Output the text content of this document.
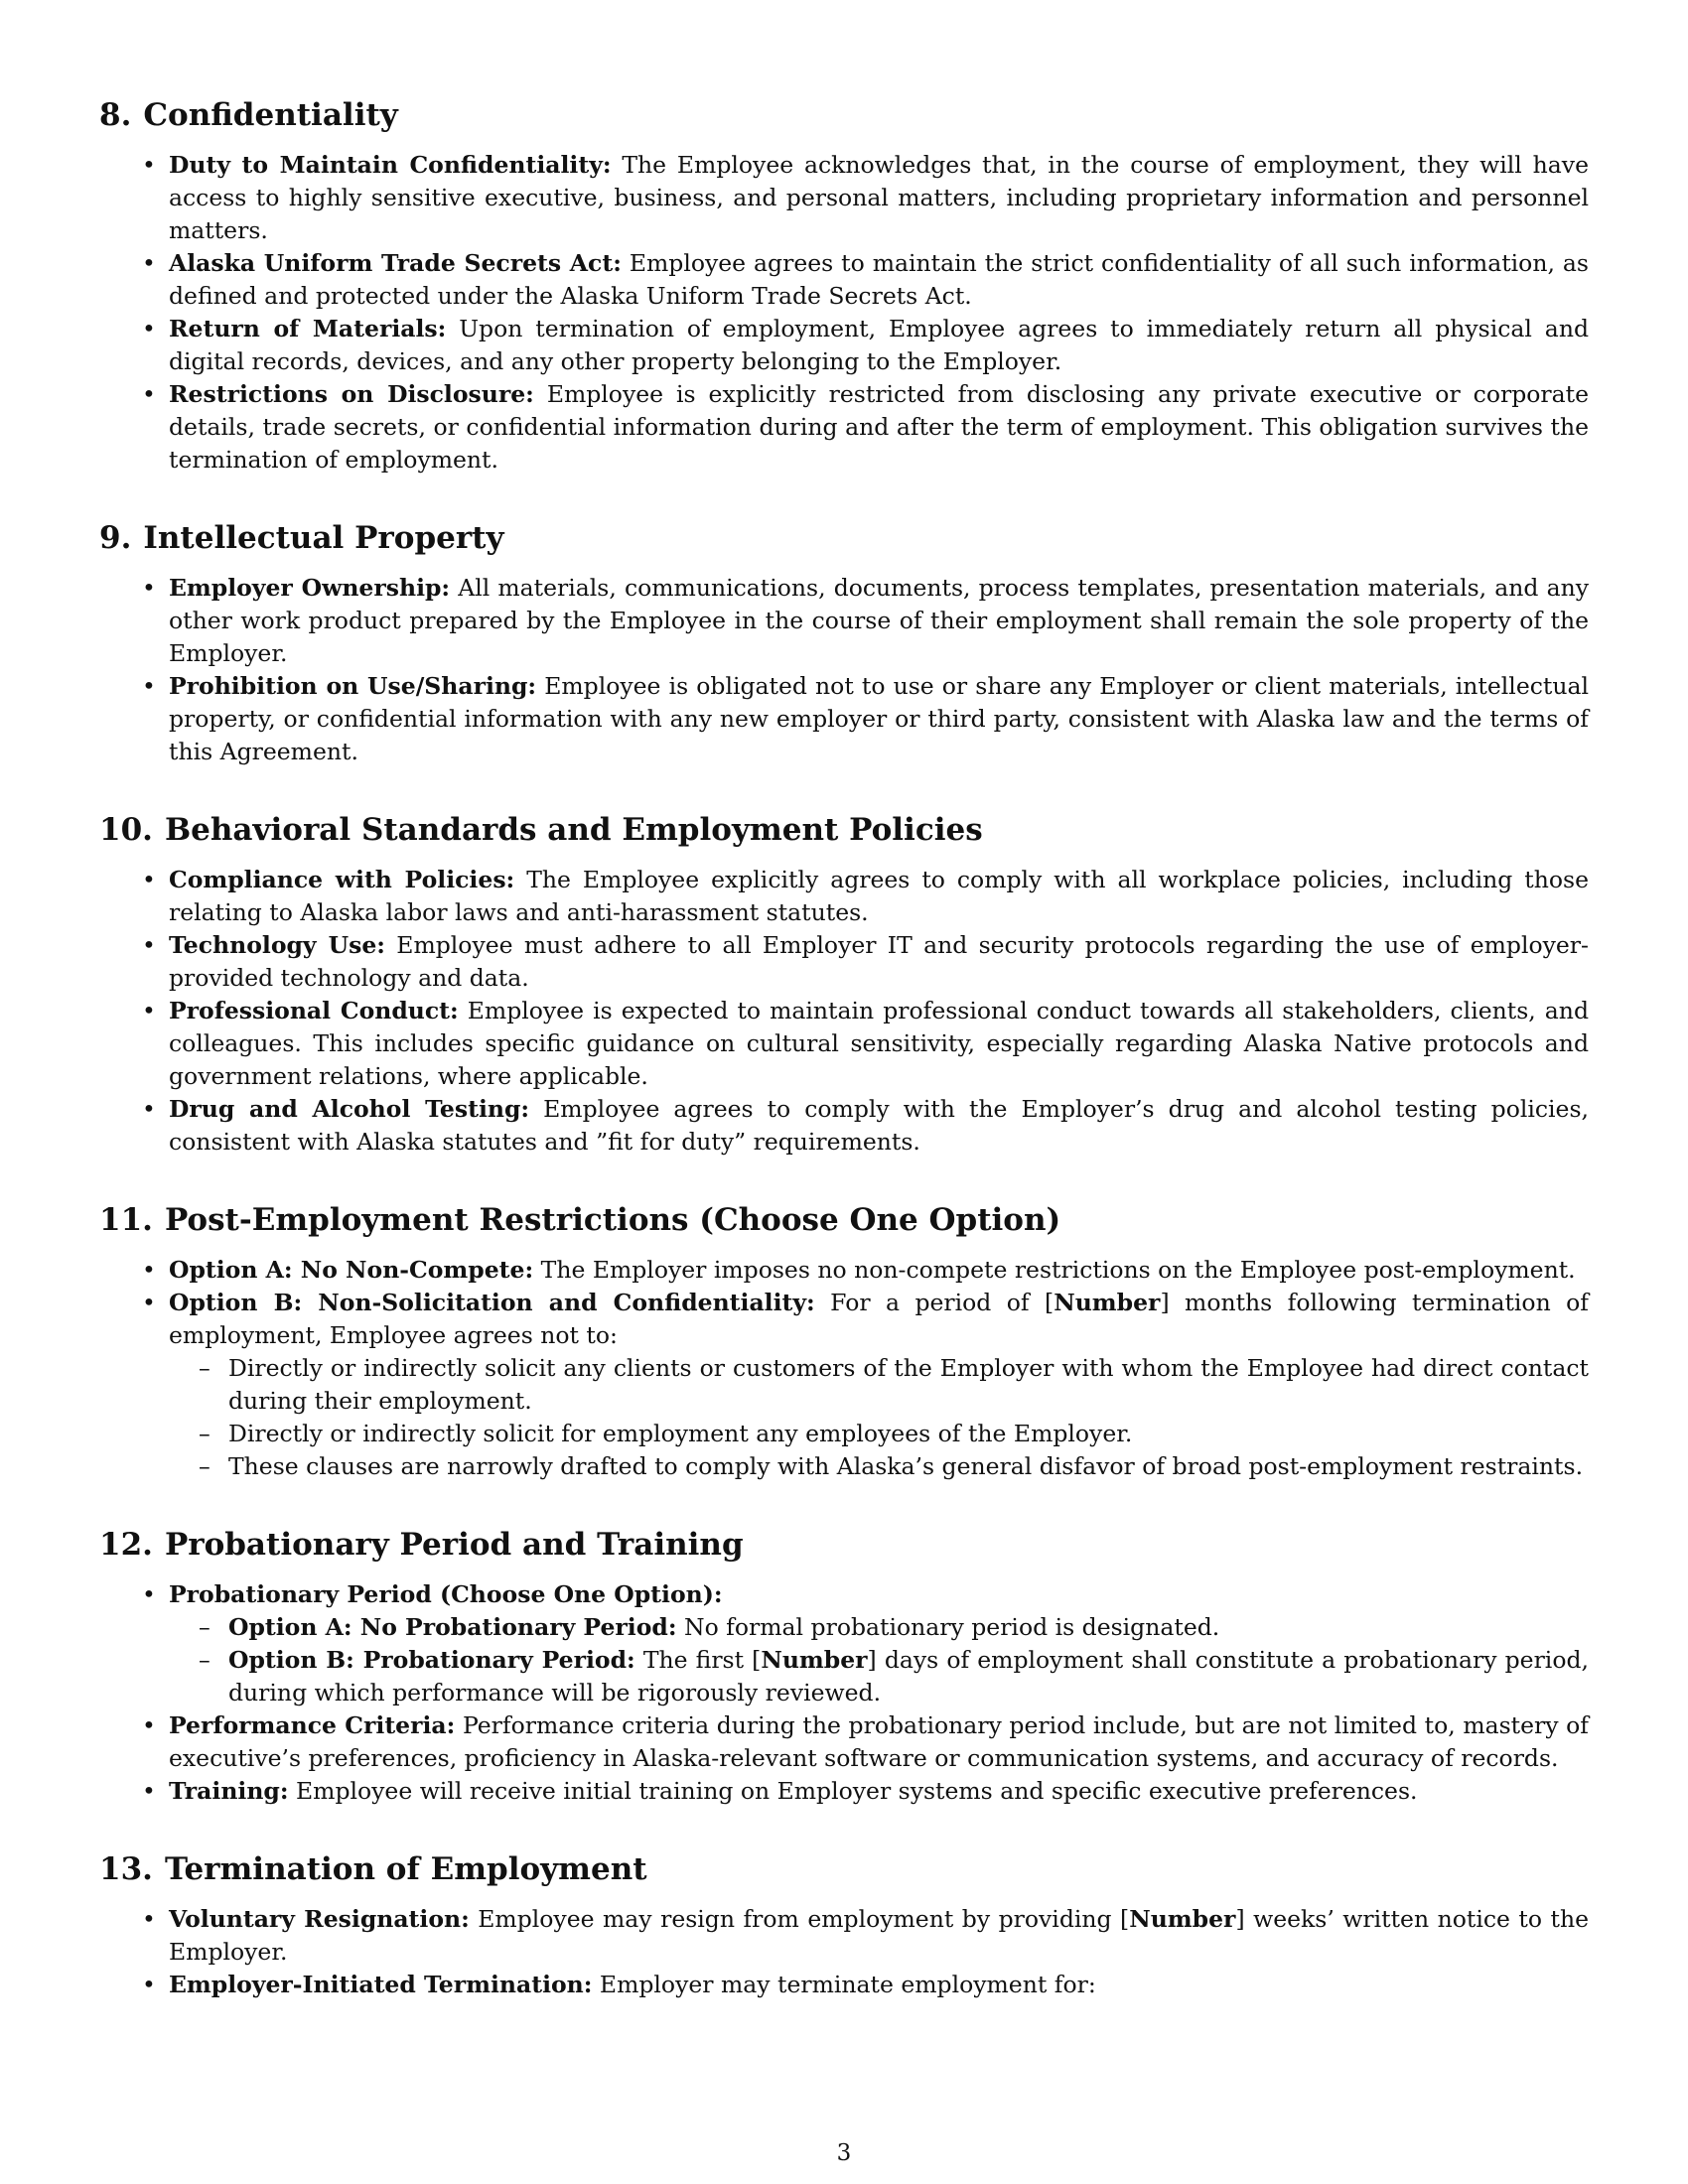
8. Confidentiality
• Duty to Maintain Confidentiality: The Employee acknowledges that, in the course of employment, they will have access to highly sensitive executive, business, and personal matters, including proprietary information and personnel matters.
• Alaska Uniform Trade Secrets Act: Employee agrees to maintain the strict confidentiality of all such information, as defined and protected under the Alaska Uniform Trade Secrets Act.
• Return of Materials: Upon termination of employment, Employee agrees to immediately return all physical and digital records, devices, and any other property belonging to the Employer.
• Restrictions on Disclosure: Employee is explicitly restricted from disclosing any private executive or corporate details, trade secrets, or confidential information during and after the term of employment. This obligation survives the termination of employment.
9. Intellectual Property
• Employer Ownership: All materials, communications, documents, process templates, presentation materials, and any other work product prepared by the Employee in the course of their employment shall remain the sole property of the Employer.
• Prohibition on Use/Sharing: Employee is obligated not to use or share any Employer or client materials, intellectual property, or confidential information with any new employer or third party, consistent with Alaska law and the terms of this Agreement.
10. Behavioral Standards and Employment Policies
• Compliance with Policies: The Employee explicitly agrees to comply with all workplace policies, including those relating to Alaska labor laws and anti-harassment statutes.
• Technology Use: Employee must adhere to all Employer IT and security protocols regarding the use of employer-provided technology and data.
• Professional Conduct: Employee is expected to maintain professional conduct towards all stakeholders, clients, and colleagues. This includes specific guidance on cultural sensitivity, especially regarding Alaska Native protocols and government relations, where applicable.
• Drug and Alcohol Testing: Employee agrees to comply with the Employer’s drug and alcohol testing policies, consistent with Alaska statutes and ”fit for duty” requirements.
11. Post-Employment Restrictions (Choose One Option)
• Option A: No Non-Compete: The Employer imposes no non-compete restrictions on the Employee post-employment.
• Option B: Non-Solicitation and Confidentiality: For a period of [Number] months following termination of employment, Employee agrees not to:
– Directly or indirectly solicit any clients or customers of the Employer with whom the Employee had direct contact during their employment.
– Directly or indirectly solicit for employment any employees of the Employer.
– These clauses are narrowly drafted to comply with Alaska’s general disfavor of broad post-employment restraints.
12. Probationary Period and Training
• Probationary Period (Choose One Option):
– Option A: No Probationary Period: No formal probationary period is designated.
– Option B: Probationary Period: The first [Number] days of employment shall constitute a probationary period, during which performance will be rigorously reviewed.
• Performance Criteria: Performance criteria during the probationary period include, but are not limited to, mastery of executive’s preferences, proficiency in Alaska-relevant software or communication systems, and accuracy of records.
• Training: Employee will receive initial training on Employer systems and specific executive preferences.
13. Termination of Employment
• Voluntary Resignation: Employee may resign from employment by providing [Number] weeks’ written notice to the Employer.
• Employer-Initiated Termination: Employer may terminate employment for:
3
